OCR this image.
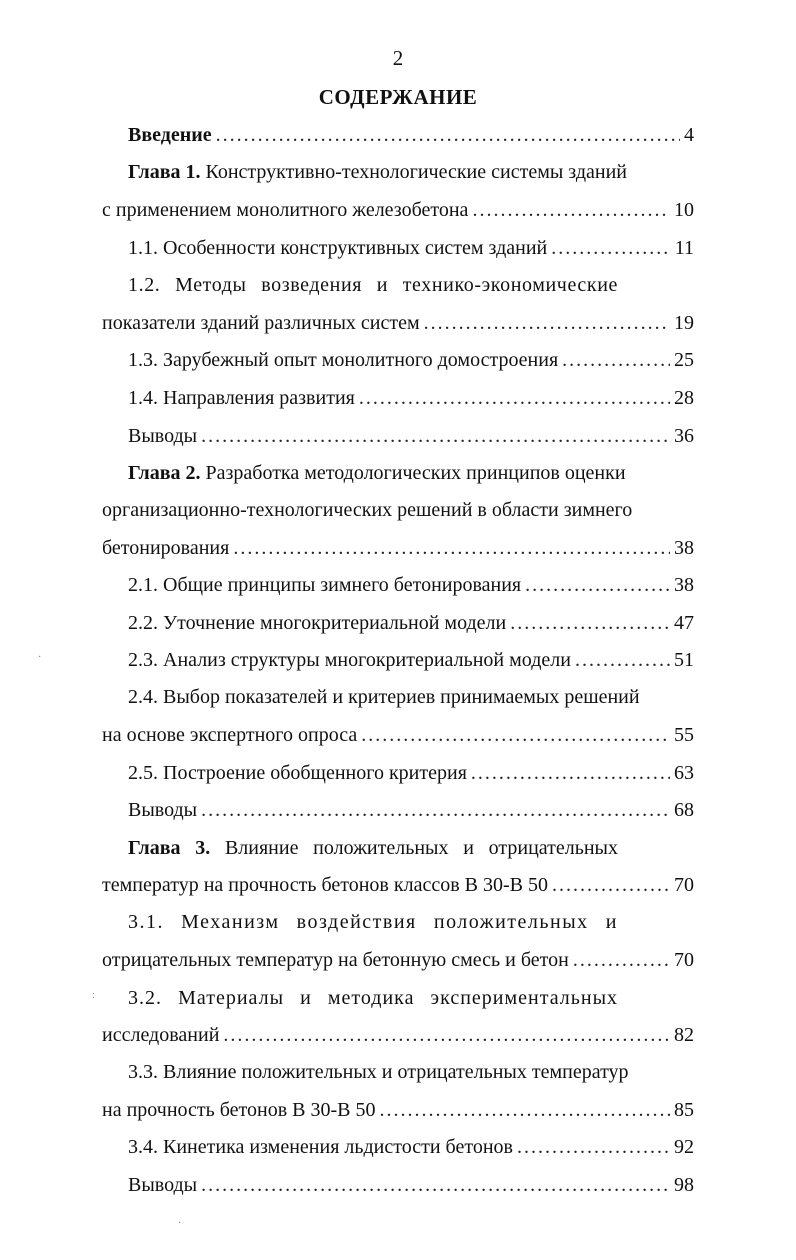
2
СОДЕРЖАНИЕ
Введение .....	4
Глава 1. Конструктивно-технологические системы зданий
с применением монолитного железобетона .....	10
1.1. Особенности конструктивных систем зданий .....	11
1.2. Методы возведения и технико-экономические
показатели зданий различных систем .....	19
1.3. Зарубежный опыт монолитного домостроения .....	25
1.4. Направления развития .....	28
Выводы .....	36
Глава 2. Разработка методологических принципов оценки
организационно-технологических решений в области зимнего
бетонирования .....	38
2.1. Общие принципы зимнего бетонирования .....	38
2.2. Уточнение многокритериальной модели .....	47
2.3. Анализ структуры многокритериальной модели .....	51
2.4. Выбор показателей и критериев принимаемых решений
на основе экспертного опроса .....	55
2.5. Построение обобщенного критерия .....	63
Выводы .....	68
Глава 3. Влияние положительных и отрицательных
температур на прочность бетонов классов В 30-В 50 .....	70
3.1. Механизм воздействия положительных и
отрицательных температур на бетонную смесь и бетон .....	70
3.2. Материалы и методика экспериментальных
исследований .....	82
3.3. Влияние положительных и отрицательных температур
на прочность бетонов В 30-В 50 .....	85
3.4. Кинетика изменения льдистости бетонов .....	92
Выводы .....	98
·
:
·
